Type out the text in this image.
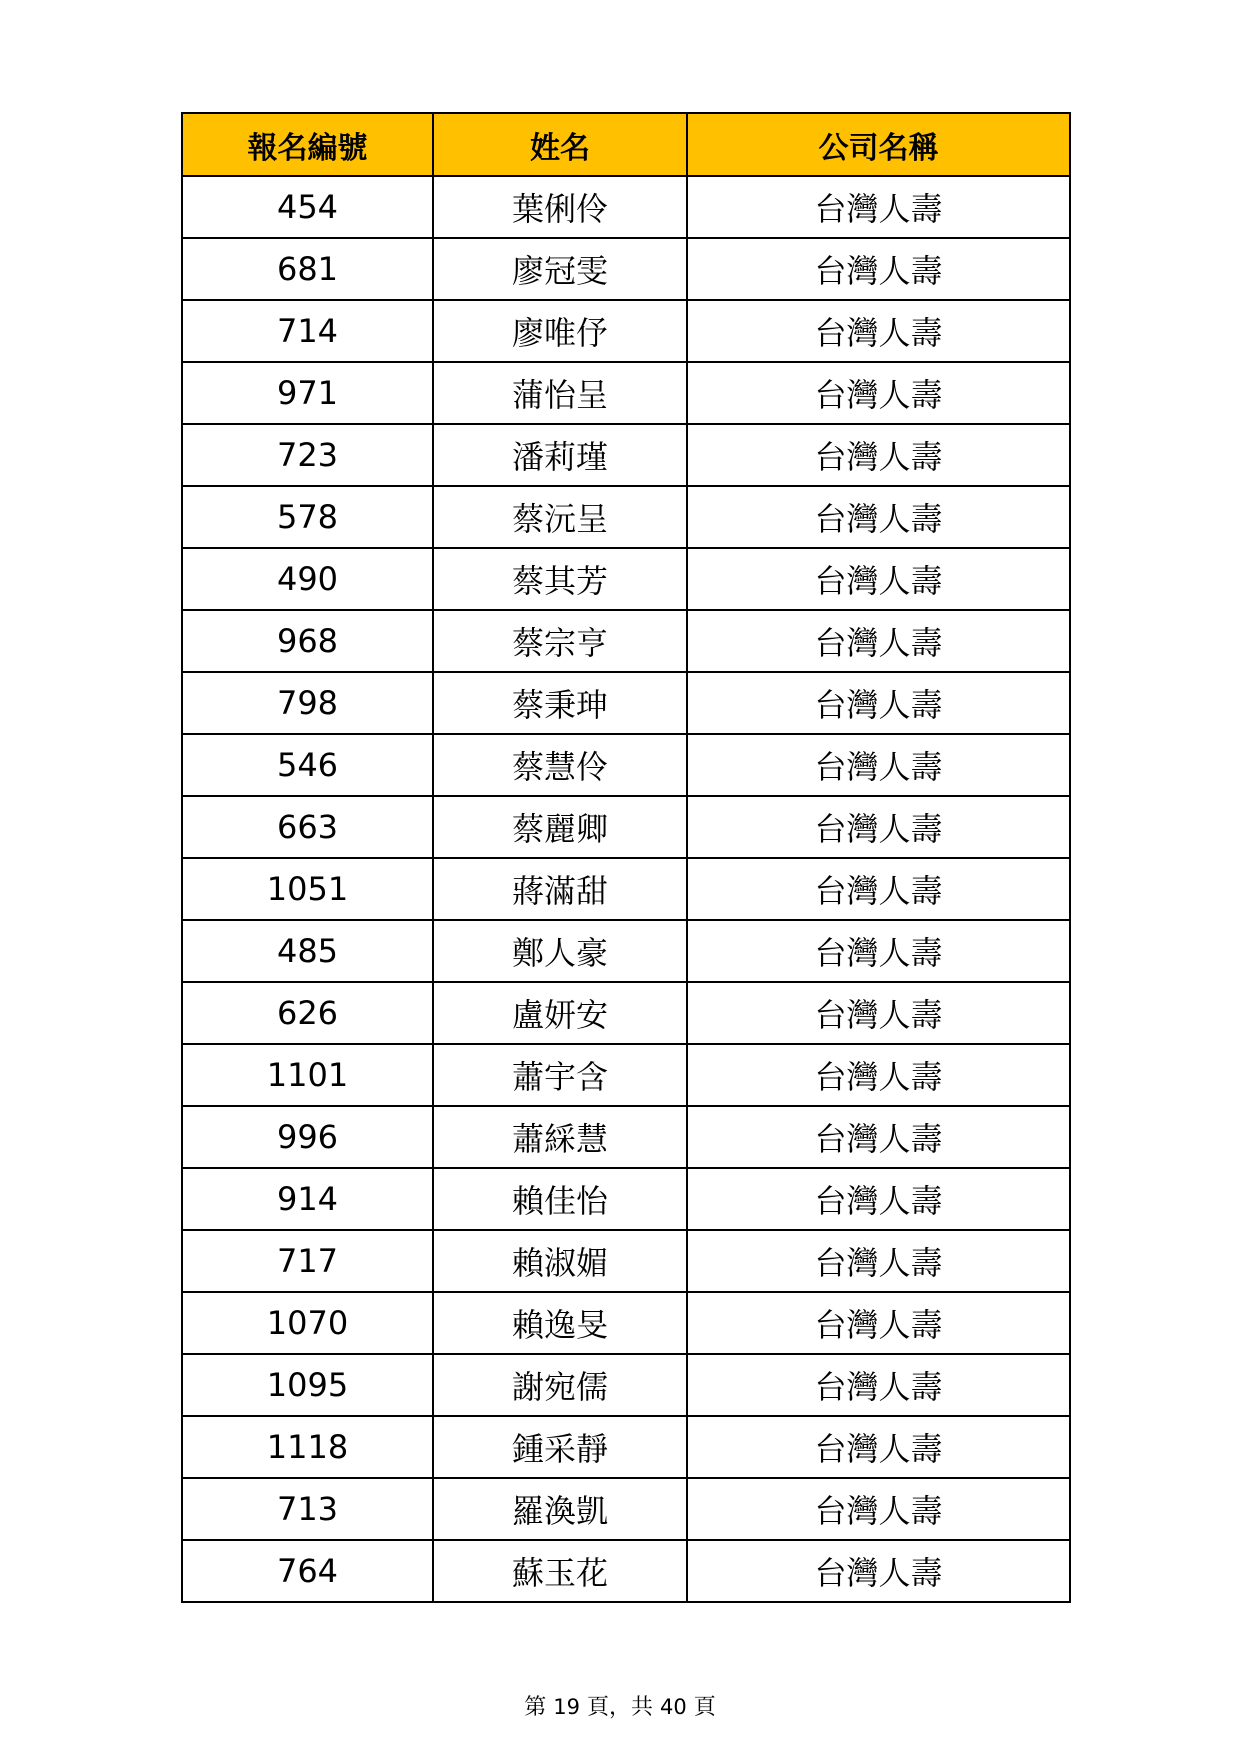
報名編號	姓名	公司名稱
454	葉俐伶	台灣人壽
681	廖冠雯	台灣人壽
714	廖唯伃	台灣人壽
971	蒲怡呈	台灣人壽
723	潘莉瑾	台灣人壽
578	蔡沅呈	台灣人壽
490	蔡其芳	台灣人壽
968	蔡宗亨	台灣人壽
798	蔡秉珅	台灣人壽
546	蔡慧伶	台灣人壽
663	蔡麗卿	台灣人壽
1051	蔣滿甜	台灣人壽
485	鄭人豪	台灣人壽
626	盧妍安	台灣人壽
1101	蕭宇含	台灣人壽
996	蕭綵慧	台灣人壽
914	賴佳怡	台灣人壽
717	賴淑媚	台灣人壽
1070	賴逸旻	台灣人壽
1095	謝宛儒	台灣人壽
1118	鍾采靜	台灣人壽
713	羅渙凱	台灣人壽
764	蘇玉花	台灣人壽
第 19 頁，共 40 頁
